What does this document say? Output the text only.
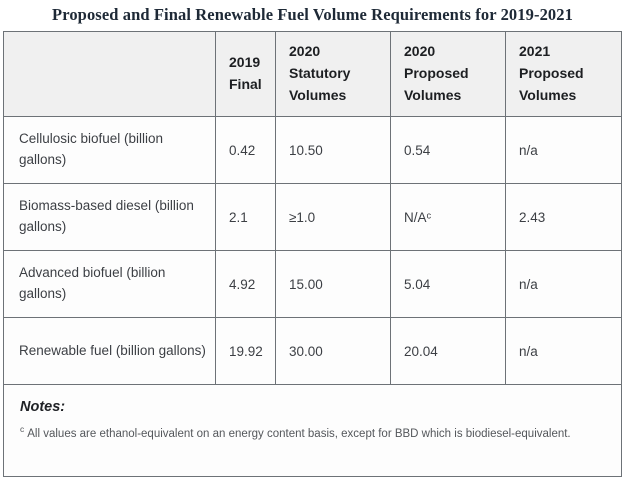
Proposed and Final Renewable Fuel Volume Requirements for 2019-2021
	2019 Final	2020 Statutory Volumes	2020 Proposed Volumes	2021 Proposed Volumes
Cellulosic biofuel (billion gallons)	0.42	10.50	0.54	n/a
Biomass-based diesel (billion gallons)	2.1	≥1.0	N/Aᶜ	2.43
Advanced biofuel (billion gallons)	4.92	15.00	5.04	n/a
Renewable fuel (billion gallons)	19.92	30.00	20.04	n/a

Notes:

$^c$ All values are ethanol-equivalent on an energy content basis, except for BBD which is biodiesel-equivalent.				
